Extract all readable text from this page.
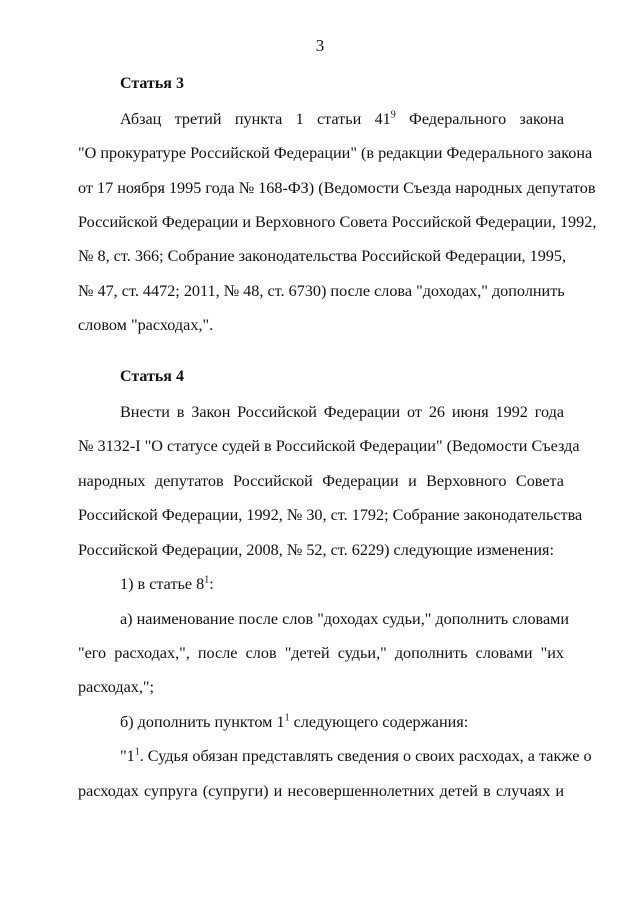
3
Статья 3
Абзац третий пункта 1 статьи $41^9$ Федерального закона
"О прокуратуре Российской Федерации" (в редакции Федерального закона
от 17 ноября 1995 года № 168-ФЗ) (Ведомости Съезда народных депутатов
Российской Федерации и Верховного Совета Российской Федерации, 1992,
№ 8, ст. 366; Собрание законодательства Российской Федерации, 1995,
№ 47, ст. 4472; 2011, № 48, ст. 6730) после слова "доходах," дополнить
словом "расходах,".
Статья 4
Внести в Закон Российской Федерации от 26 июня 1992 года
№ 3132-I "О статусе судей в Российской Федерации" (Ведомости Съезда
народных депутатов Российской Федерации и Верховного Совета
Российской Федерации, 1992, № 30, ст. 1792; Собрание законодательства
Российской Федерации, 2008, № 52, ст. 6229) следующие изменения:
1) в статье $8^1$:
а) наименование после слов "доходах судьи," дополнить словами
"его расходах,", после слов "детей судьи," дополнить словами "их
расходах,";
б) дополнить пунктом $1^1$ следующего содержания:
"$1^1$. Судья обязан представлять сведения о своих расходах, а также о
расходах супруга (супруги) и несовершеннолетних детей в случаях и
